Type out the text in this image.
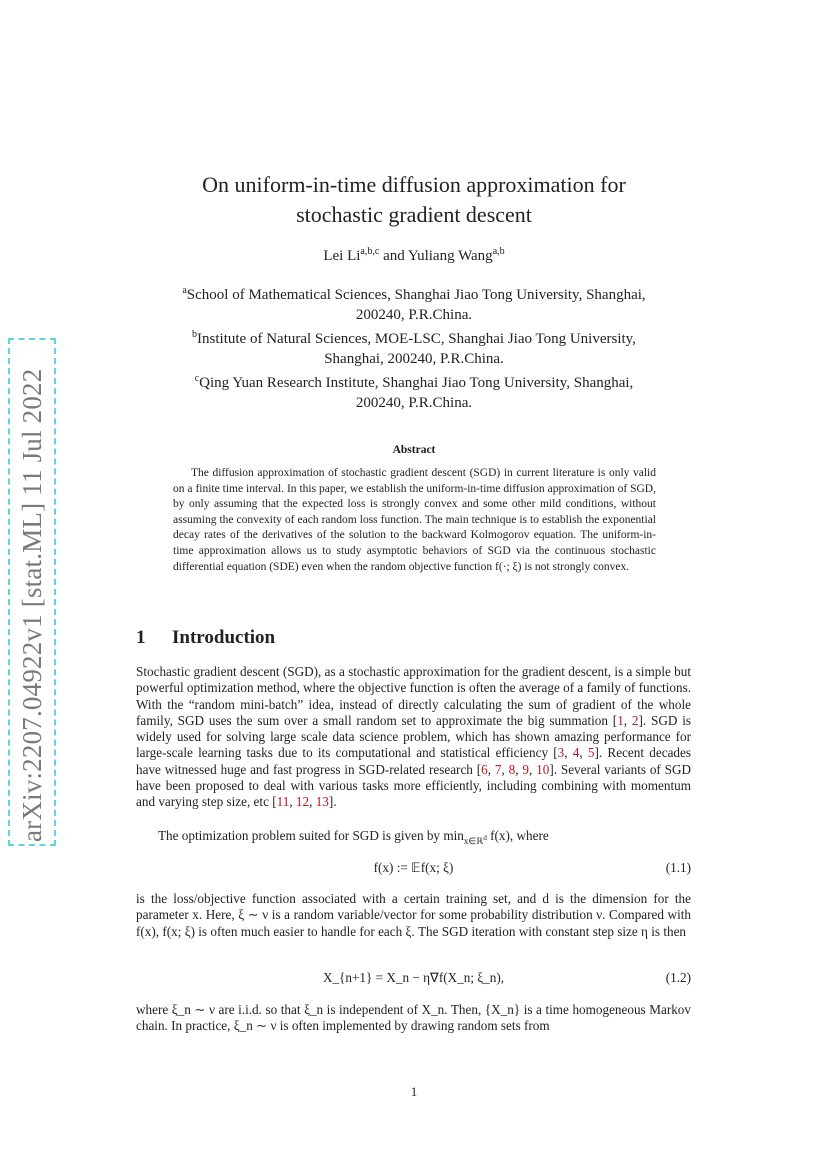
arXiv:2207.04922v1 [stat.ML] 11 Jul 2022
On uniform-in-time diffusion approximation for
stochastic gradient descent
Lei Li$^{a,b,c}$ and Yuliang Wang$^{a,b}$
$^a$School of Mathematical Sciences, Shanghai Jiao Tong University, Shanghai,
200240, P.R.China.
$^b$Institute of Natural Sciences, MOE-LSC, Shanghai Jiao Tong University,
Shanghai, 200240, P.R.China.
$^c$Qing Yuan Research Institute, Shanghai Jiao Tong University, Shanghai,
200240, P.R.China.
Abstract

The diffusion approximation of stochastic gradient descent (SGD) in current literature is only valid on a finite time interval. In this paper, we establish the uniform-in-time diffusion approximation of SGD, by only assuming that the expected loss is strongly convex and some other mild conditions, without assuming the convexity of each random loss function. The main technique is to establish the exponential decay rates of the derivatives of the solution to the backward Kolmogorov equation. The uniform-in-time approximation allows us to study asymptotic behaviors of SGD via the continuous stochastic differential equation (SDE) even when the random objective function f(·; ξ) is not strongly convex.

1 Introduction

Stochastic gradient descent (SGD), as a stochastic approximation for the gradient descent, is a simple but powerful optimization method, where the objective function is often the average of a family of functions. With the “random mini-batch” idea, instead of directly calculating the sum of gradient of the whole family, SGD uses the sum over a small random set to approximate the big summation [1, 2]. SGD is widely used for solving large scale data science problem, which has shown amazing performance for large-scale learning tasks due to its computational and statistical efficiency [3, 4, 5]. Recent decades have witnessed huge and fast progress in SGD-related research [6, 7, 8, 9, 10]. Several variants of SGD have been proposed to deal with various tasks more efficiently, including combining with momentum and varying step size, etc [11, 12, 13].

The optimization problem suited for SGD is given by $\min_{x\in ℝ^d} f(x)$, where

f(x) := 𝔼f(x; ξ)	(1.1)

is the loss/objective function associated with a certain training set, and d is the dimension for the parameter x. Here, ξ ∼ ν is a random variable/vector for some probability distribution ν. Compared with f(x), f(x; ξ) is often much easier to handle for each ξ. The SGD iteration with constant step size η is then

X_{n+1} = X_n − η∇f(X_n; ξ_n),	(1.2)

where ξ_n ∼ ν are i.i.d. so that ξ_n is independent of X_n. Then, {X_n} is a time homogeneous Markov chain. In practice, ξ_n ∼ ν is often implemented by drawing random sets from

1
